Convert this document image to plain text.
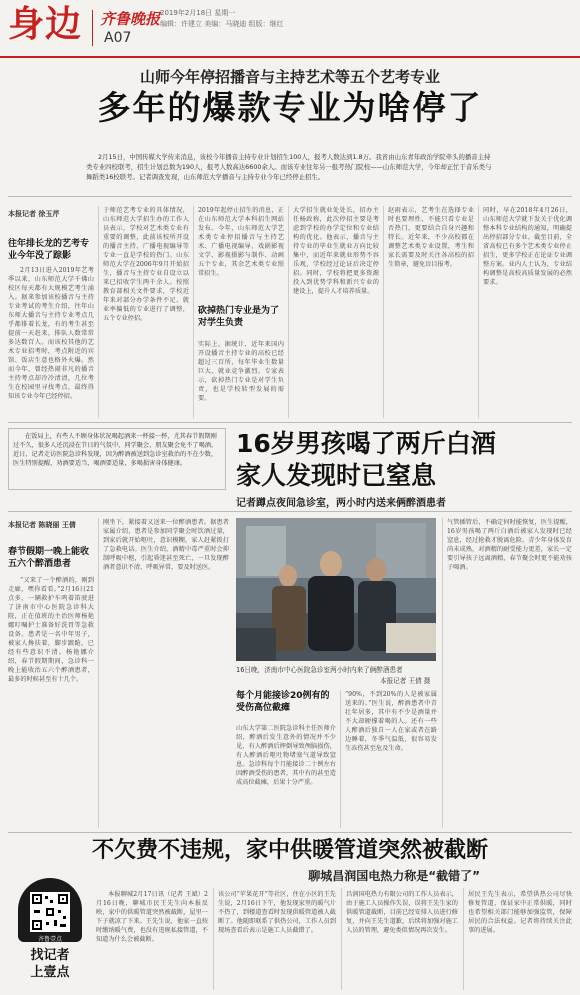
身边 齐鲁晚报 2019年2月18日 星期一
编辑：许建立 美编：马晓迪 组版：继红
A07
山师今年停招播音与主持艺术等五个艺考专业
多年的爆款专业为啥停了
2月15日，中国传媒大学传来消息，该校今年播音主持专业计划招生100人，报考人数达到1.8万。我省由山东青年政治学院牵头的播音主持类专业四校联考，招生计划总数为190人，报考人数高达6600余人。而该专业往年另一报考热门院校——山东师范大学，今年却正忙于音乐类与舞蹈类16校联考。记者调查发现，山东师范大学播音与主持专业今年已经停止招生。
本报记者 徐玉芹
往年排长龙的艺考专业今年没了踪影
2月13日进入2019年艺考季以来，山东师范大学千佛山校区每天都有大规模艺考生涌入。据来参加该校播音与主持专业考试的考生介绍，往年山东师大播音与主持专业考点几乎都排着长龙，有的考生甚至提前一天赶来，排队人数常常多达数百人。而该校其他的艺术专业招考时，考点附近的宾馆、饭店生意也格外火爆。然而今年，曾经热闹非凡的播音主持考点却冷冷清清，几位考生在校园里寻找考点，最终得知该专业今年已经停招。
于师范艺考专业的具体情况，山东师范大学招生办的工作人员表示，学校对艺术类专业有重要的调整，此前该校所开设的播音主持、广播电视编导等专业一直是学校的热门。山东师范大学在2006年9月开始招生，播音与主持专业自设立以来已招收学生两千余人。按照教育部相关文件要求，学校近年来对部分办学条件不足、就业率偏低的专业进行了调整，五个专业停招。
2019年起停止招生的消息，正在山东师范大学本科招生网站发布。今年，山东师范大学艺术类专业停招播音与主持艺术、广播电视编导、戏剧影视文学、影视摄影与制作、动画五个专业，其余艺术类专业照常招生。
砍掉热门专业是为了对学生负责
实际上，据统计，近年来国内开设播音主持专业的高校已经超过三百所，每年毕业生数量巨大，就业竞争激烈。专家表示，砍掉热门专业是对学生负责，也是学校转型发展的需要。
大学招生就业处处长，招办主任杨政称，此次停招主要是考虑到学校的办学定位和专业结构的优化。他表示，播音与主持专业的毕业生就业方向比较集中，而近年来就业形势不容乐观，学校经过论证后决定停招。同时，学校将把更多资源投入到优势学科和新兴专业的建设上，提升人才培养质量。
赵雨表示，艺考生在选择专业时也要理性，不能只看专业是否热门，更要结合自身兴趣和特长。近年来，不少高校都在调整艺术类专业设置，考生和家长需要及时关注各高校的招生简章，避免盲目报考。
同时，早在2018年4月26日，山东师范大学就下发关于优化调整本科专业结构的通知，明确提出停招部分专业。截至目前，全省高校已有多个艺术类专业停止招生，更多学校正在论证专业调整方案。业内人士认为，专业结构调整是高校高质量发展的必然要求。
在饭局上，有些人不顾身体状况喝起酒来一杯接一杯，尤其春节假期刚过不久，很多人还沉浸在节日的气氛中，同学聚会、朋友聚会免不了喝酒。近日，记者走访医院急诊科发现，因为醉酒被送到急诊室救治的不在少数，医生特别提醒，劝酒要适当，喝酒要适量，多喝损害身体健康。
16岁男孩喝了两斤白酒
家人发现时已窒息
记者蹲点夜间急诊室，两小时内送来俩醉酒患者
本报记者 陈晓丽 王倩
春节假期一晚上能收五六个醉酒患者
“又来了一个醉酒的，刚到走廊，嘿你看看。”2月16日21点多，一辆救护车鸣着笛驶进了济南市中心医院急诊科大院，正在值班的主治医师杨艳娜叮嘱护士准备好洗胃等急救设备。患者是一名中年男子，被家人搀扶着，脚步踉跄，已经有些意识不清。杨艳娜介绍，春节假期期间，急诊科一晚上能收治五六个醉酒患者，最多的时候甚至有十几个。
刚坐下，紧接着又送来一位醉酒患者。据患者家属介绍，患者是参加同学聚会时饮酒过量，到家后就开始呕吐，意识模糊，家人赶紧拨打了急救电话。医生介绍，酒精中毒严重时会抑制呼吸中枢，引起昏迷甚至死亡，一旦发现醉酒者意识不清、呼吸异常，要及时送医。
16日晚，济南市中心医院急诊室两小时内来了俩醉酒患者
本报记者 王倩 摄
每个月能接诊20例有的受伤高位截瘫
山东大学第二医院急诊科主任医师介绍，醉酒后发生意外的情况并不少见，有人醉酒后摔倒导致颅脑损伤，有人醉酒后呕吐物堵塞气道导致窒息。急诊科每个月能接诊二十例左右因醉酒受伤的患者，其中有的甚至造成高位截瘫，后果十分严重。
“90%，不到20%的人是被家属送来的。”医生说，醉酒患者中青壮年居多，其中有不少是酒量并不大却硬撑着喝的人。还有一些人醉酒后独自一人在家或者在路边睡着，冬季气温低，很容易发生冻伤甚至危及生命。
气管插管后，不确定何时能恢复，医生提醒，16岁男孩喝了两斤白酒后被家人发现时已经窒息，经过抢救才脱离危险。青少年身体发育尚未成熟，对酒精的耐受能力更差，家长一定要引导孩子远离酒精，春节聚会时更不能劝孩子喝酒。
不欠费不违规，家中供暖管道突然被截断
聊城昌润国电热力称是“截错了”
齐鲁壹点
找记者
上壹点
本报聊城2月17日讯（记者 王斌）2月16日晚，聊城市民王先生向本报反映，家中的供暖管道突然被截断，屋里一下子就凉了下来。王先生说，他家一直按时缴纳暖气费，也没有违规私接管道，不知道为什么会被截断。
该公司“苹果花开”等社区，住在小区的王先生说，2月16日下午，他发现家里的暖气片不热了，到楼道查看时发现供暖管道被人截断了。他随即联系了供热公司，工作人员到现场查看后表示是施工人员截错了。
昌润国电热力有限公司的工作人员表示，由于施工人员操作失误，误将王先生家的供暖管道截断，目前已经安排人员进行修复，并向王先生道歉，后续将加强对施工人员的管理，避免类似情况再次发生。
居民王先生表示，希望供热公司尽快修复管道，保证家中正常供暖，同时也希望相关部门能够加强监管，保障居民的合法权益。记者将持续关注此事的进展。
